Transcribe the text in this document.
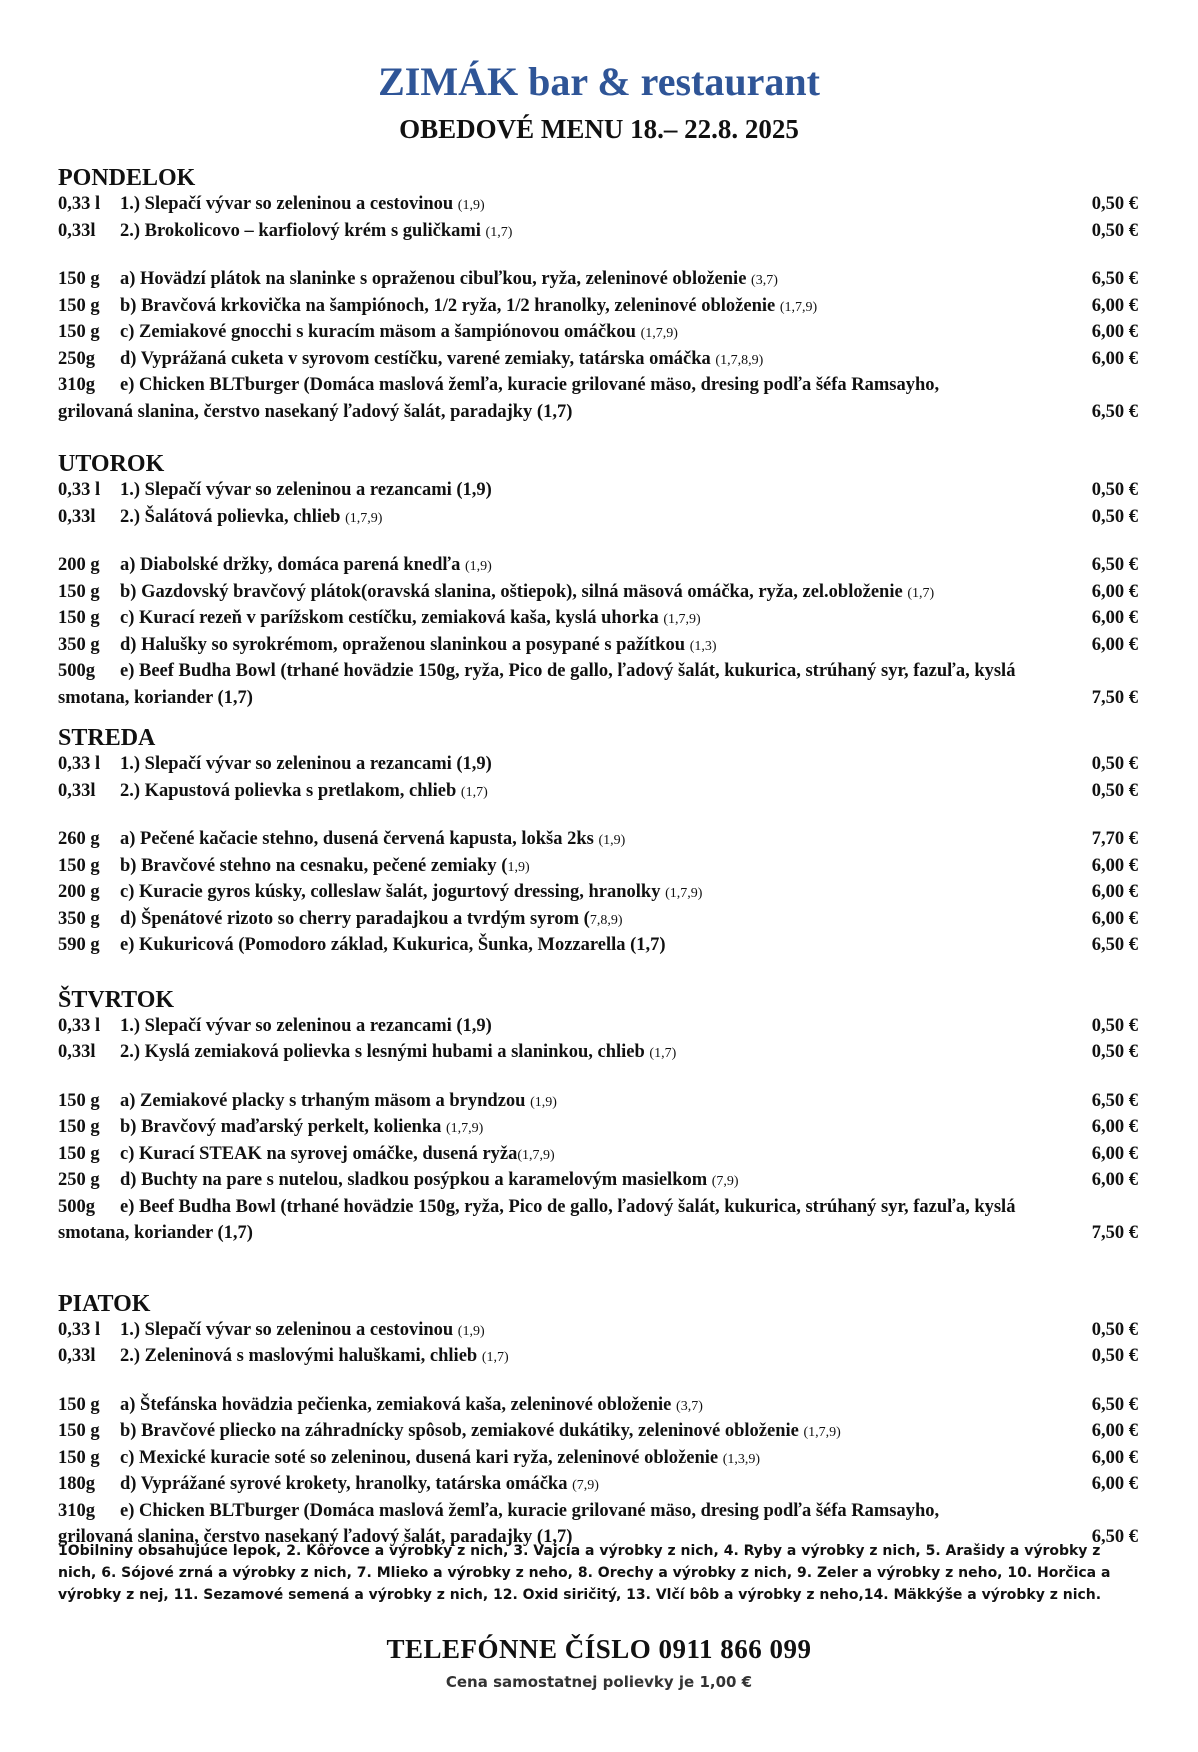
ZIMÁK bar & restaurant
OBEDOVÉ MENU 18.– 22.8. 2025
PONDELOK
0,33 l	1.) Slepačí vývar so zeleninou a cestovinou (1,9)	0,50 €
0,33l	2.) Brokolicovo – karfiolový krém s guličkami (1,7)	0,50 €
150 g	a) Hovädzí plátok na slaninke s opraženou cibuľkou, ryža, zeleninové obloženie (3,7)	6,50 €
150 g	b) Bravčová krkovička na šampiónoch, 1/2 ryža, 1/2 hranolky, zeleninové obloženie (1,7,9)	6,00 €
150 g	c) Zemiakové gnocchi s kuracím mäsom a šampiónovou omáčkou (1,7,9)	6,00 €
250g	d) Vyprážaná cuketa v syrovom cestíčku, varené zemiaky, tatárska omáčka (1,7,8,9)	6,00 €
310g	e) Chicken BLTburger (Domáca maslová žemľa, kuracie grilované mäso, dresing podľa šéfa Ramsayho,
grilovaná slanina, čerstvo nasekaný ľadový šalát, paradajky (1,7)	6,50 €
UTOROK
0,33 l	1.) Slepačí vývar so zeleninou a rezancami (1,9)	0,50 €
0,33l	2.) Šalátová polievka, chlieb (1,7,9)	0,50 €
200 g	a) Diabolské držky, domáca parená knedľa (1,9)	6,50 €
150 g	b) Gazdovský bravčový plátok(oravská slanina, oštiepok), silná mäsová omáčka, ryža, zel.obloženie (1,7)	6,00 €
150 g	c) Kurací rezeň v parížskom cestíčku, zemiaková kaša, kyslá uhorka (1,7,9)	6,00 €
350 g	d) Halušky so syrokrémom, opraženou slaninkou a posypané s pažítkou (1,3)	6,00 €
500g	e) Beef Budha Bowl (trhané hovädzie 150g, ryža, Pico de gallo, ľadový šalát, kukurica, strúhaný syr, fazuľa, kyslá
smotana, koriander (1,7)	7,50 €
STREDA
0,33 l	1.) Slepačí vývar so zeleninou a rezancami (1,9)	0,50 €
0,33l	2.) Kapustová polievka s pretlakom, chlieb (1,7)	0,50 €
260 g	a) Pečené kačacie stehno, dusená červená kapusta, lokša 2ks (1,9)	7,70 €
150 g	b) Bravčové stehno na cesnaku, pečené zemiaky (1,9)	6,00 €
200 g	c) Kuracie gyros kúsky, colleslaw šalát, jogurtový dressing, hranolky (1,7,9)	6,00 €
350 g	d) Špenátové rizoto so cherry paradajkou a tvrdým syrom (7,8,9)	6,00 €
590 g	e) Kukuricová (Pomodoro základ, Kukurica, Šunka, Mozzarella (1,7)	6,50 €
ŠTVRTOK
0,33 l	1.) Slepačí vývar so zeleninou a rezancami (1,9)	0,50 €
0,33l	2.) Kyslá zemiaková polievka s lesnými hubami a slaninkou, chlieb (1,7)	0,50 €
150 g	a) Zemiakové placky s trhaným mäsom a bryndzou (1,9)	6,50 €
150 g	b) Bravčový maďarský perkelt, kolienka (1,7,9)	6,00 €
150 g	c) Kurací STEAK na syrovej omáčke, dusená ryža(1,7,9)	6,00 €
250 g	d) Buchty na pare s nutelou, sladkou posýpkou a karamelovým masielkom (7,9)	6,00 €
500g	e) Beef Budha Bowl (trhané hovädzie 150g, ryža, Pico de gallo, ľadový šalát, kukurica, strúhaný syr, fazuľa, kyslá
smotana, koriander (1,7)	7,50 €
PIATOK
0,33 l	1.) Slepačí vývar so zeleninou a cestovinou (1,9)	0,50 €
0,33l	2.) Zeleninová s maslovými haluškami, chlieb (1,7)	0,50 €
150 g	a) Štefánska hovädzia pečienka, zemiaková kaša, zeleninové obloženie (3,7)	6,50 €
150 g	b) Bravčové pliecko na záhradnícky spôsob, zemiakové dukátiky, zeleninové obloženie (1,7,9)	6,00 €
150 g	c) Mexické kuracie soté so zeleninou, dusená kari ryža, zeleninové obloženie (1,3,9)	6,00 €
180g	d) Vyprážané syrové krokety, hranolky, tatárska omáčka (7,9)	6,00 €
310g	e) Chicken BLTburger (Domáca maslová žemľa, kuracie grilované mäso, dresing podľa šéfa Ramsayho,
grilovaná slanina, čerstvo nasekaný ľadový šalát, paradajky (1,7)	6,50 €
1Obilniny obsahujúce lepok, 2. Kôrovce a výrobky z nich, 3. Vajcia a výrobky z nich, 4. Ryby a výrobky z nich, 5. Arašidy a výrobky z nich, 6. Sójové zrná a výrobky z nich, 7. Mlieko a výrobky z neho, 8. Orechy a výrobky z nich, 9. Zeler a výrobky z neho, 10. Horčica a výrobky z nej, 11. Sezamové semená a výrobky z nich, 12. Oxid siričitý, 13. Vlčí bôb a výrobky z neho,14. Mäkkýše a výrobky z nich.
TELEFÓNNE ČÍSLO 0911 866 099
Cena samostatnej polievky je 1,00 €
